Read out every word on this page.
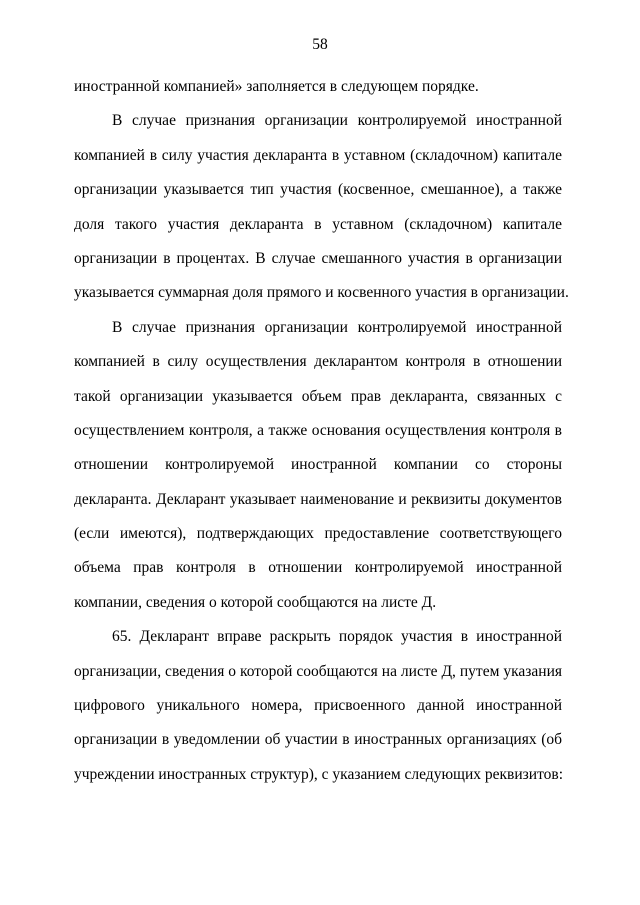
58
иностранной компанией» заполняется в следующем порядке.
В случае признания организации контролируемой иностранной
компанией в силу участия декларанта в уставном (складочном) капитале
организации указывается тип участия (косвенное, смешанное), а также
доля такого участия декларанта в уставном (складочном) капитале
организации в процентах. В случае смешанного участия в организации
указывается суммарная доля прямого и косвенного участия в организации.
В случае признания организации контролируемой иностранной
компанией в силу осуществления декларантом контроля в отношении
такой организации указывается объем прав декларанта, связанных с
осуществлением контроля, а также основания осуществления контроля в
отношении контролируемой иностранной компании со стороны
декларанта. Декларант указывает наименование и реквизиты документов
(если имеются), подтверждающих предоставление соответствующего
объема прав контроля в отношении контролируемой иностранной
компании, сведения о которой сообщаются на листе Д.
65. Декларант вправе раскрыть порядок участия в иностранной
организации, сведения о которой сообщаются на листе Д, путем указания
цифрового уникального номера, присвоенного данной иностранной
организации в уведомлении об участии в иностранных организациях (об
учреждении иностранных структур), с указанием следующих реквизитов:
